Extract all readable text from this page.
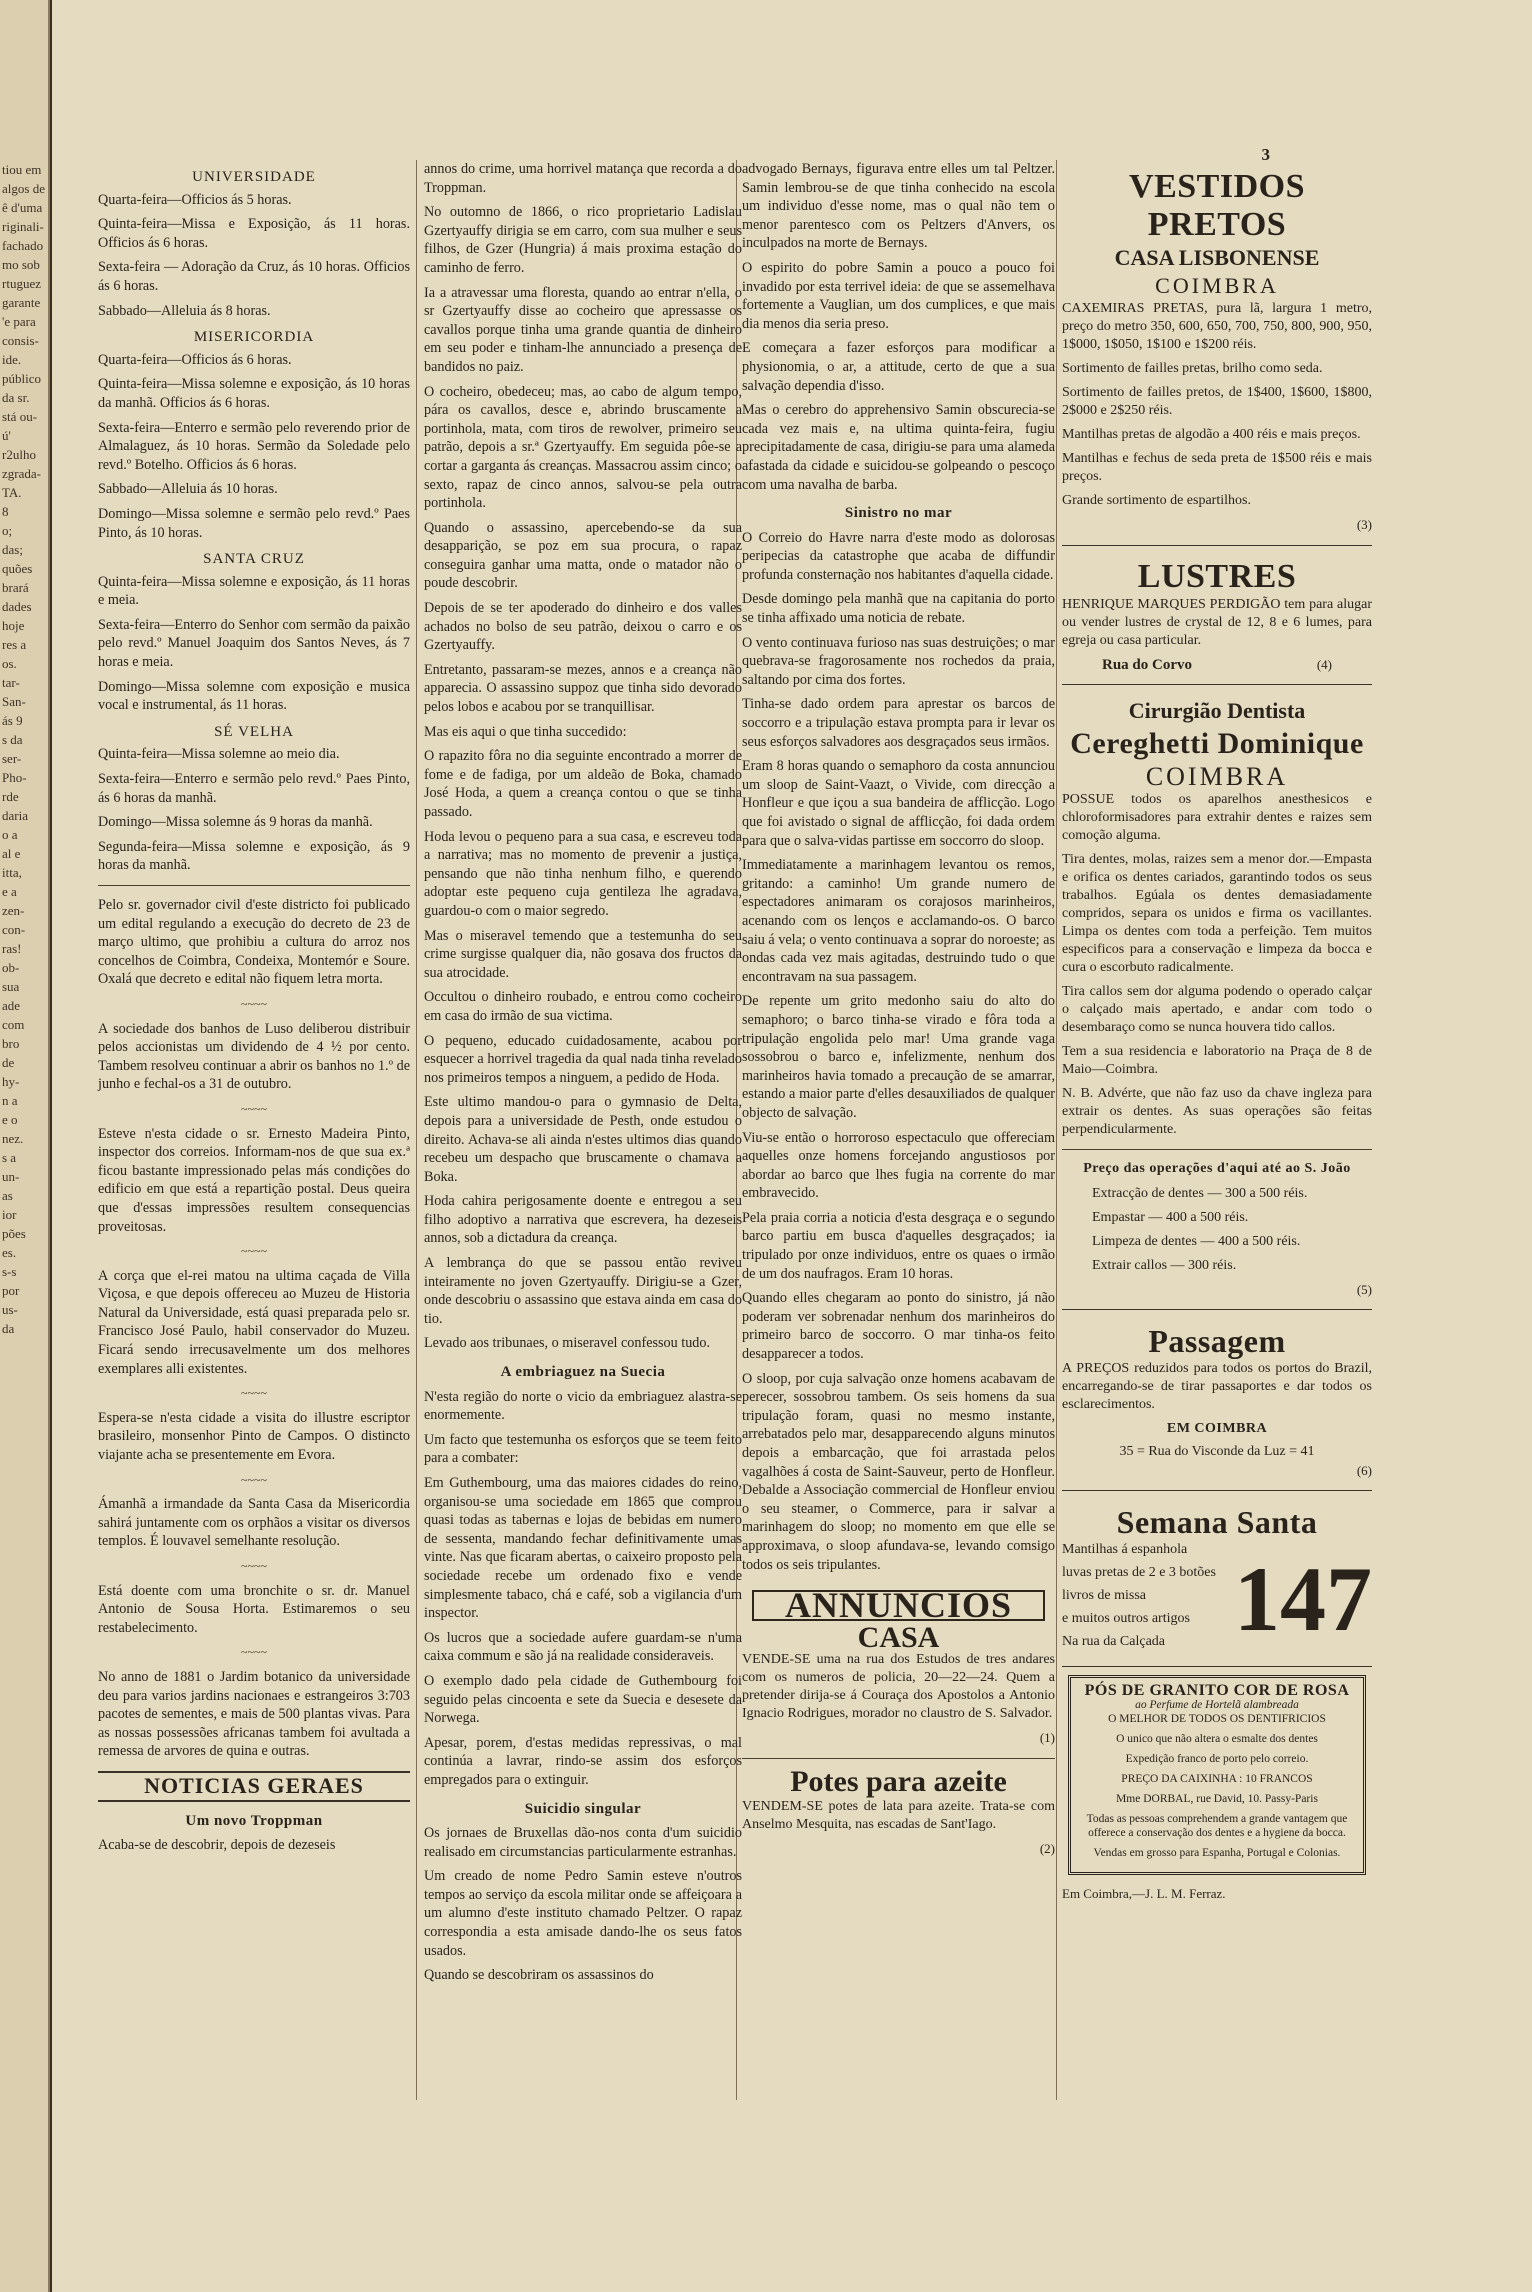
tiou em
algos de
ê d'uma
riginali-
fachado
mo sob
rtuguez
garante
'e para
consis-
ide.
público
da sr.
stá ou-
ú'
r2ulho
zgrada-
TA.
8
o;
das;
quões
brará
dades
hoje
res a
os.
tar-
San-
ás 9
s da
ser-
Pho-
rde
daria
o a
al e
itta,
e a
zen-
con-
ras!
ob-
sua
ade
com
bro
de
hy-
n a
e o
nez.
s a
un-
as
ior
pões
es.
s-s
por
us-
da
3
UNIVERSIDADE

Quarta-feira—Officios ás 5 horas.

Quinta-feira—Missa e Exposição, ás 11 horas. Officios ás 6 horas.

Sexta-feira — Adoração da Cruz, ás 10 horas. Officios ás 6 horas.

Sabbado—Alleluia ás 8 horas.

MISERICORDIA

Quarta-feira—Officios ás 6 horas.

Quinta-feira—Missa solemne e exposição, ás 10 horas da manhã. Officios ás 6 horas.

Sexta-feira—Enterro e sermão pelo reverendo prior de Almalaguez, ás 10 horas. Sermão da Soledade pelo revd.º Botelho. Officios ás 6 horas.

Sabbado—Alleluia ás 10 horas.

Domingo—Missa solemne e sermão pelo revd.º Paes Pinto, ás 10 horas.

SANTA CRUZ

Quinta-feira—Missa solemne e exposição, ás 11 horas e meia.

Sexta-feira—Enterro do Senhor com sermão da paixão pelo revd.º Manuel Joaquim dos Santos Neves, ás 7 horas e meia.

Domingo—Missa solemne com exposição e musica vocal e instrumental, ás 11 horas.

SÉ VELHA

Quinta-feira—Missa solemne ao meio dia.

Sexta-feira—Enterro e sermão pelo revd.º Paes Pinto, ás 6 horas da manhã.

Domingo—Missa solemne ás 9 horas da manhã.

Segunda-feira—Missa solemne e exposição, ás 9 horas da manhã.

Pelo sr. governador civil d'este districto foi publicado um edital regulando a execução do decreto de 23 de março ultimo, que prohibiu a cultura do arroz nos concelhos de Coimbra, Condeixa, Montemór e Soure. Oxalá que decreto e edital não fiquem letra morta.

~~~~

A sociedade dos banhos de Luso deliberou distribuir pelos accionistas um dividendo de 4 ½ por cento. Tambem resolveu continuar a abrir os banhos no 1.º de junho e fechal-os a 31 de outubro.

~~~~

Esteve n'esta cidade o sr. Ernesto Madeira Pinto, inspector dos correios. Informam-nos de que sua ex.ª ficou bastante impressionado pelas más condições do edificio em que está a repartição postal. Deus queira que d'essas impressões resultem consequencias proveitosas.

~~~~

A corça que el-rei matou na ultima caçada de Villa Viçosa, e que depois offereceu ao Muzeu de Historia Natural da Universidade, está quasi preparada pelo sr. Francisco José Paulo, habil conservador do Muzeu. Ficará sendo irrecusavelmente um dos melhores exemplares alli existentes.

~~~~

Espera-se n'esta cidade a visita do illustre escriptor brasileiro, monsenhor Pinto de Campos. O distincto viajante acha se presentemente em Evora.

~~~~

Ámanhã a irmandade da Santa Casa da Misericordia sahirá juntamente com os orphãos a visitar os diversos templos. É louvavel semelhante resolução.

~~~~

Está doente com uma bronchite o sr. dr. Manuel Antonio de Sousa Horta. Estimaremos o seu restabelecimento.

~~~~

No anno de 1881 o Jardim botanico da universidade deu para varios jardins nacionaes e estrangeiros 3:703 pacotes de sementes, e mais de 500 plantas vivas. Para as nossas possessões africanas tambem foi avultada a remessa de arvores de quina e outras.

NOTICIAS GERAES
Um novo Troppman

Acaba-se de descobrir, depois de dezeseis

annos do crime, uma horrivel matança que recorda a do Troppman.

No outomno de 1866, o rico proprietario Ladislau Gzertyauffy dirigia se em carro, com sua mulher e seus filhos, de Gzer (Hungria) á mais proxima estação do caminho de ferro.

Ia a atravessar uma floresta, quando ao entrar n'ella, o sr Gzertyauffy disse ao cocheiro que apressasse os cavallos porque tinha uma grande quantia de dinheiro em seu poder e tinham-lhe annunciado a presença de bandidos no paiz.

O cocheiro, obedeceu; mas, ao cabo de algum tempo, pára os cavallos, desce e, abrindo bruscamente a portinhola, mata, com tiros de rewolver, primeiro seu patrão, depois a sr.ª Gzertyauffy. Em seguida pôe-se a cortar a garganta ás creanças. Massacrou assim cinco; o sexto, rapaz de cinco annos, salvou-se pela outra portinhola.

Quando o assassino, apercebendo-se da sua desapparição, se poz em sua procura, o rapaz conseguira ganhar uma matta, onde o matador não o poude descobrir.

Depois de se ter apoderado do dinheiro e dos valles achados no bolso de seu patrão, deixou o carro e os Gzertyauffy.

Entretanto, passaram-se mezes, annos e a creança não apparecia. O assassino suppoz que tinha sido devorado pelos lobos e acabou por se tranquillisar.

Mas eis aqui o que tinha succedido:

O rapazito fôra no dia seguinte encontrado a morrer de fome e de fadiga, por um aldeão de Boka, chamado José Hoda, a quem a creança contou o que se tinha passado.

Hoda levou o pequeno para a sua casa, e escreveu toda a narrativa; mas no momento de prevenir a justiça, pensando que não tinha nenhum filho, e querendo adoptar este pequeno cuja gentileza lhe agradava, guardou-o com o maior segredo.

Mas o miseravel temendo que a testemunha do seu crime surgisse qualquer dia, não gosava dos fructos da sua atrocidade.

Occultou o dinheiro roubado, e entrou como cocheiro em casa do irmão de sua victima.

O pequeno, educado cuidadosamente, acabou por esquecer a horrivel tragedia da qual nada tinha revelado nos primeiros tempos a ninguem, a pedido de Hoda.

Este ultimo mandou-o para o gymnasio de Delta, depois para a universidade de Pesth, onde estudou o direito. Achava-se ali ainda n'estes ultimos dias quando recebeu um despacho que bruscamente o chamava a Boka.

Hoda cahira perigosamente doente e entregou a seu filho adoptivo a narrativa que escrevera, ha dezeseis annos, sob a dictadura da creança.

A lembrança do que se passou então reviveu inteiramente no joven Gzertyauffy. Dirigiu-se a Gzer, onde descobriu o assassino que estava ainda em casa do tio.

Levado aos tribunaes, o miseravel confessou tudo.

A embriaguez na Suecia

N'esta região do norte o vicio da embriaguez alastra-se enormemente.

Um facto que testemunha os esforços que se teem feito para a combater:

Em Guthembourg, uma das maiores cidades do reino, organisou-se uma sociedade em 1865 que comprou quasi todas as tabernas e lojas de bebidas em numero de sessenta, mandando fechar definitivamente umas vinte. Nas que ficaram abertas, o caixeiro proposto pela sociedade recebe um ordenado fixo e vende simplesmente tabaco, chá e café, sob a vigilancia d'um inspector.

Os lucros que a sociedade aufere guardam-se n'uma caixa commum e são já na realidade consideraveis.

O exemplo dado pela cidade de Guthembourg foi seguido pelas cincoenta e sete da Suecia e desesete da Norwega.

Apesar, porem, d'estas medidas repressivas, o mal continúa a lavrar, rindo-se assim dos esforços empregados para o extinguir.

Suicidio singular

Os jornaes de Bruxellas dão-nos conta d'um suicidio realisado em circumstancias particularmente estranhas.

Um creado de nome Pedro Samin esteve n'outros tempos ao serviço da escola militar onde se affeiçoara a um alumno d'este instituto chamado Peltzer. O rapaz correspondia a esta amisade dando-lhe os seus fatos usados.

Quando se descobriram os assassinos do

advogado Bernays, figurava entre elles um tal Peltzer. Samin lembrou-se de que tinha conhecido na escola um individuo d'esse nome, mas o qual não tem o menor parentesco com os Peltzers d'Anvers, os inculpados na morte de Bernays.

O espirito do pobre Samin a pouco a pouco foi invadido por esta terrivel ideia: de que se assemelhava fortemente a Vauglian, um dos cumplices, e que mais dia menos dia seria preso.

E começara a fazer esforços para modificar a physionomia, o ar, a attitude, certo de que a sua salvação dependia d'isso.

Mas o cerebro do apprehensivo Samin obscurecia-se cada vez mais e, na ultima quinta-feira, fugiu precipitadamente de casa, dirigiu-se para uma alameda afastada da cidade e suicidou-se golpeando o pescoço com uma navalha de barba.

Sinistro no mar

O Correio do Havre narra d'este modo as dolorosas peripecias da catastrophe que acaba de diffundir profunda consternação nos habitantes d'aquella cidade.

Desde domingo pela manhã que na capitania do porto se tinha affixado uma noticia de rebate.

O vento continuava furioso nas suas destruições; o mar quebrava-se fragorosamente nos rochedos da praia, saltando por cima dos fortes.

Tinha-se dado ordem para aprestar os barcos de soccorro e a tripulação estava prompta para ir levar os seus esforços salvadores aos desgraçados seus irmãos.

Eram 8 horas quando o semaphoro da costa annunciou um sloop de Saint-Vaazt, o Vivide, com direcção a Honfleur e que içou a sua bandeira de afflicção. Logo que foi avistado o signal de afflicção, foi dada ordem para que o salva-vidas partisse em soccorro do sloop.

Immediatamente a marinhagem levantou os remos, gritando: a caminho! Um grande numero de espectadores animaram os corajosos marinheiros, acenando com os lenços e acclamando-os. O barco saiu á vela; o vento continuava a soprar do noroeste; as ondas cada vez mais agitadas, destruindo tudo o que encontravam na sua passagem.

De repente um grito medonho saiu do alto do semaphoro; o barco tinha-se virado e fôra toda a tripulação engolida pelo mar! Uma grande vaga sossobrou o barco e, infelizmente, nenhum dos marinheiros havia tomado a precaução de se amarrar, estando a maior parte d'elles desauxiliados de qualquer objecto de salvação.

Viu-se então o horroroso espectaculo que offereciam aquelles onze homens forcejando angustiosos por abordar ao barco que lhes fugia na corrente do mar embravecido.

Pela praia corria a noticia d'esta desgraça e o segundo barco partiu em busca d'aquelles desgraçados; ia tripulado por onze individuos, entre os quaes o irmão de um dos naufragos. Eram 10 horas.

Quando elles chegaram ao ponto do sinistro, já não poderam ver sobrenadar nenhum dos marinheiros do primeiro barco de soccorro. O mar tinha-os feito desapparecer a todos.

O sloop, por cuja salvação onze homens acabavam de perecer, sossobrou tambem. Os seis homens da sua tripulação foram, quasi no mesmo instante, arrebatados pelo mar, desapparecendo alguns minutos depois a embarcação, que foi arrastada pelos vagalhões á costa de Saint-Sauveur, perto de Honfleur. Debalde a Associação commercial de Honfleur enviou o seu steamer, o Commerce, para ir salvar a marinhagem do sloop; no momento em que elle se approximava, o sloop afundava-se, levando comsigo todos os seis tripulantes.

ANNUNCIOS
CASA

VENDE-SE uma na rua dos Estudos de tres andares com os numeros de policia, 20—22—24. Quem a pretender dirija-se á Couraça dos Apostolos a Antonio Ignacio Rodrigues, morador no claustro de S. Salvador.

(1)
Potes para azeite

VENDEM-SE potes de lata para azeite. Trata-se com Anselmo Mesquita, nas escadas de Sant'Iago.

(2)
VESTIDOS PRETOS
CASA LISBONENSE
COIMBRA

CAXEMIRAS PRETAS, pura lã, largura 1 metro, preço do metro 350, 600, 650, 700, 750, 800, 900, 950, 1$000, 1$050, 1$100 e 1$200 réis.

Sortimento de failles pretas, brilho como seda.

Sortimento de failles pretos, de 1$400, 1$600, 1$800, 2$000 e 2$250 réis.

Mantilhas pretas de algodão a 400 réis e mais preços.

Mantilhas e fechus de seda preta de 1$500 réis e mais preços.

Grande sortimento de espartilhos.

(3)
LUSTRES

HENRIQUE MARQUES PERDIGÃO tem para alugar ou vender lustres de crystal de 12, 8 e 6 lumes, para egreja ou casa particular.

Rua do Corvo	(4)
Cirurgião Dentista
Cereghetti Dominique
COIMBRA

POSSUE todos os aparelhos anesthesicos e chloroformisadores para extrahir dentes e raizes sem comoção alguma.

Tira dentes, molas, raizes sem a menor dor.—Empasta e orifica os dentes cariados, garantindo todos os seus trabalhos. Egúala os dentes demasiadamente compridos, separa os unidos e firma os vacillantes. Limpa os dentes com toda a perfeição. Tem muitos especificos para a conservação e limpeza da bocca e cura o escorbuto radicalmente.

Tira callos sem dor alguma podendo o operado calçar o calçado mais apertado, e andar com todo o desembaraço como se nunca houvera tido callos.

Tem a sua residencia e laboratorio na Praça de 8 de Maio—Coimbra.

N. B. Advérte, que não faz uso da chave ingleza para extrair os dentes. As suas operações são feitas perpendicularmente.

Preço das operações d'aqui até ao S. João

Extracção de dentes — 300 a 500 réis.

Empastar — 400 a 500 réis.

Limpeza de dentes — 400 a 500 réis.

Extrair callos — 300 réis.

(5)
Passagem

A PREÇOS reduzidos para todos os portos do Brazil, encarregando-se de tirar passaportes e dar todos os esclarecimentos.

EM COIMBRA
35 = Rua do Visconde da Luz = 41
(6)
Semana Santa

Mantilhas á espanhola

luvas pretas de 2 e 3 botões

livros de missa

e muitos outros artigos

Na rua da Calçada 147
PÓS DE GRANITO COR DE ROSA
ao Perfume de Hortelã alambreada

O MELHOR DE TODOS OS DENTIFRICIOS

O unico que não altera o esmalte dos dentes

Expedição franco de porto pelo correio.

PREÇO DA CAIXINHA : 10 FRANCOS

Mme DORBAL, rue David, 10. Passy-Paris

Todas as pessoas comprehendem a grande vantagem que offerece a conservação dos dentes e a hygiene da bocca.

Vendas em grosso para Espanha, Portugal e Colonias.

Em Coimbra,—J. L. M. Ferraz.
